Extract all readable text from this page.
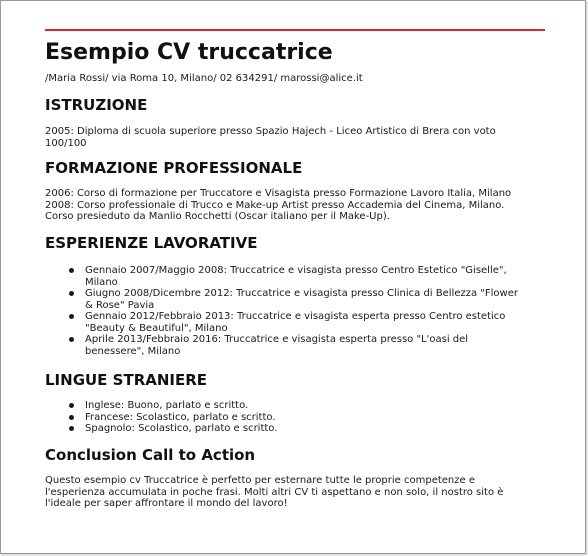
Esempio CV truccatrice
/Maria Rossi/ via Roma 10, Milano/ 02 634291/ marossi@alice.it
ISTRUZIONE
2005: Diploma di scuola superiore presso Spazio Hajech - Liceo Artistico di Brera con voto
100/100
FORMAZIONE PROFESSIONALE
2006: Corso di formazione per Truccatore e Visagista presso Formazione Lavoro Italia, Milano
2008: Corso professionale di Trucco e Make-up Artist presso Accademia del Cinema, Milano.
Corso presieduto da Manlio Rocchetti (Oscar italiano per il Make-Up).
ESPERIENZE LAVORATIVE
Gennaio 2007/Maggio 2008: Truccatrice e visagista presso Centro Estetico "Giselle",
Milano
Giugno 2008/Dicembre 2012: Truccatrice e visagista presso Clinica di Bellezza "Flower
& Rose" Pavia
Gennaio 2012/Febbraio 2013: Truccatrice e visagista esperta presso Centro estetico
"Beauty & Beautiful", Milano
Aprile 2013/Febbraio 2016: Truccatrice e visagista esperta presso "L'oasi del
benessere", Milano
LINGUE STRANIERE
Inglese: Buono, parlato e scritto.
Francese: Scolastico, parlato e scritto.
Spagnolo: Scolastico, parlato e scritto.
Conclusion Call to Action
Questo esempio cv Truccatrice è perfetto per esternare tutte le proprie competenze e
l'esperienza accumulata in poche frasi. Molti altri CV ti aspettano e non solo, il nostro sito è
l'ideale per saper affrontare il mondo del lavoro!
